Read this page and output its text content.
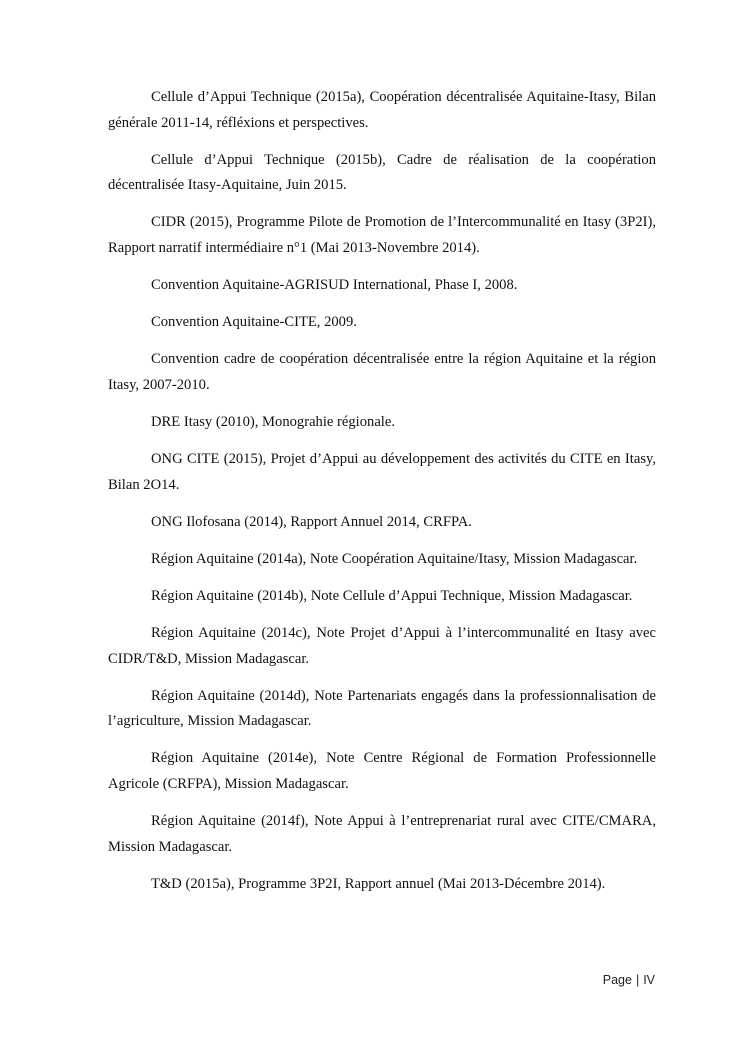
Cellule d’Appui Technique (2015a), Coopération décentralisée Aquitaine-Itasy, Bilan générale 2011-14, réfléxions et perspectives.

Cellule d’Appui Technique (2015b), Cadre de réalisation de la coopération décentralisée Itasy-Aquitaine, Juin 2015.

CIDR (2015), Programme Pilote de Promotion de l’Intercommunalité en Itasy (3P2I), Rapport narratif intermédiaire n°1 (Mai 2013-Novembre 2014).

Convention Aquitaine-AGRISUD International, Phase I, 2008.

Convention Aquitaine-CITE, 2009.

Convention cadre de coopération décentralisée entre la région Aquitaine et la région Itasy, 2007-2010.

DRE Itasy (2010), Monograhie régionale.

ONG CITE (2015), Projet d’Appui au développement des activités du CITE en Itasy, Bilan 2O14.

ONG Ilofosana (2014), Rapport Annuel 2014, CRFPA.

Région Aquitaine (2014a), Note Coopération Aquitaine/Itasy, Mission Madagascar.

Région Aquitaine (2014b), Note Cellule d’Appui Technique, Mission Madagascar.

Région Aquitaine (2014c), Note Projet d’Appui à l’intercommunalité en Itasy avec CIDR/T&D, Mission Madagascar.

Région Aquitaine (2014d), Note Partenariats engagés dans la professionnalisation de l’agriculture, Mission Madagascar.

Région Aquitaine (2014e), Note Centre Régional de Formation Professionnelle Agricole (CRFPA), Mission Madagascar.

Région Aquitaine (2014f), Note Appui à l’entreprenariat rural avec CITE/CMARA, Mission Madagascar.

T&D (2015a), Programme 3P2I, Rapport annuel (Mai 2013-Décembre 2014).

Page | IV
